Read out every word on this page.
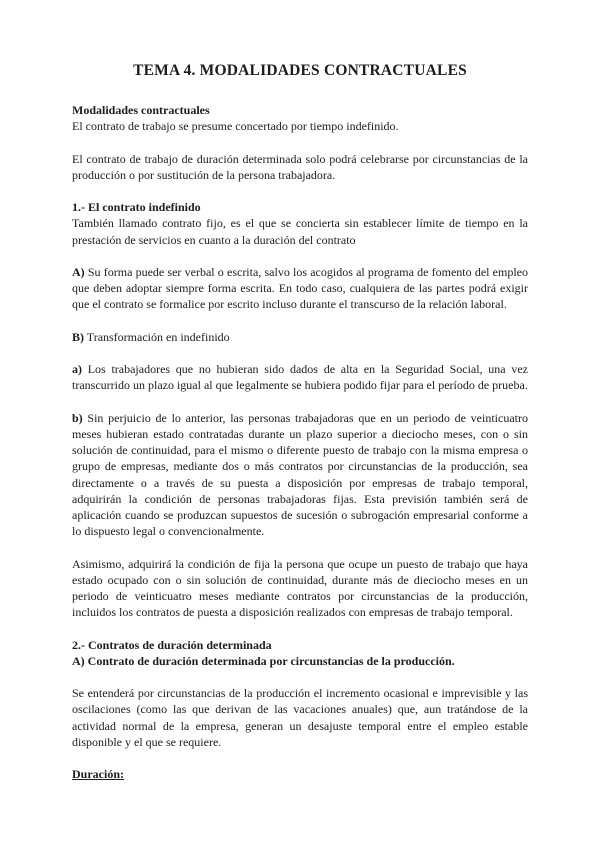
TEMA 4. MODALIDADES CONTRACTUALES

Modalidades contractuales

El contrato de trabajo se presume concertado por tiempo indefinido.

El contrato de trabajo de duración determinada solo podrá celebrarse por circunstancias de la producción o por sustitución de la persona trabajadora.

1.- El contrato indefinido

También llamado contrato fijo, es el que se concierta sin establecer límite de tiempo en la prestación de servicios en cuanto a la duración del contrato

A) Su forma puede ser verbal o escrita, salvo los acogidos al programa de fomento del empleo que deben adoptar siempre forma escrita. En todo caso, cualquiera de las partes podrá exigir que el contrato se formalice por escrito incluso durante el transcurso de la relación laboral.

B) Transformación en indefinido

a) Los trabajadores que no hubieran sido dados de alta en la Seguridad Social, una vez transcurrido un plazo igual al que legalmente se hubiera podido fijar para el período de prueba.

b) Sin perjuicio de lo anterior, las personas trabajadoras que en un periodo de veinticuatro meses hubieran estado contratadas durante un plazo superior a dieciocho meses, con o sin solución de continuidad, para el mismo o diferente puesto de trabajo con la misma empresa o grupo de empresas, mediante dos o más contratos por circunstancias de la producción, sea directamente o a través de su puesta a disposición por empresas de trabajo temporal, adquirirán la condición de personas trabajadoras fijas. Esta previsión también será de aplicación cuando se produzcan supuestos de sucesión o subrogación empresarial conforme a lo dispuesto legal o convencionalmente.

Asimismo, adquirirá la condición de fija la persona que ocupe un puesto de trabajo que haya estado ocupado con o sin solución de continuidad, durante más de dieciocho meses en un periodo de veinticuatro meses mediante contratos por circunstancias de la producción, incluidos los contratos de puesta a disposición realizados con empresas de trabajo temporal.

2.- Contratos de duración determinada

A) Contrato de duración determinada por circunstancias de la producción.

Se entenderá por circunstancias de la producción el incremento ocasional e imprevisible y las oscilaciones (como las que derivan de las vacaciones anuales) que, aun tratándose de la actividad normal de la empresa, generan un desajuste temporal entre el empleo estable disponible y el que se requiere.

Duración:
